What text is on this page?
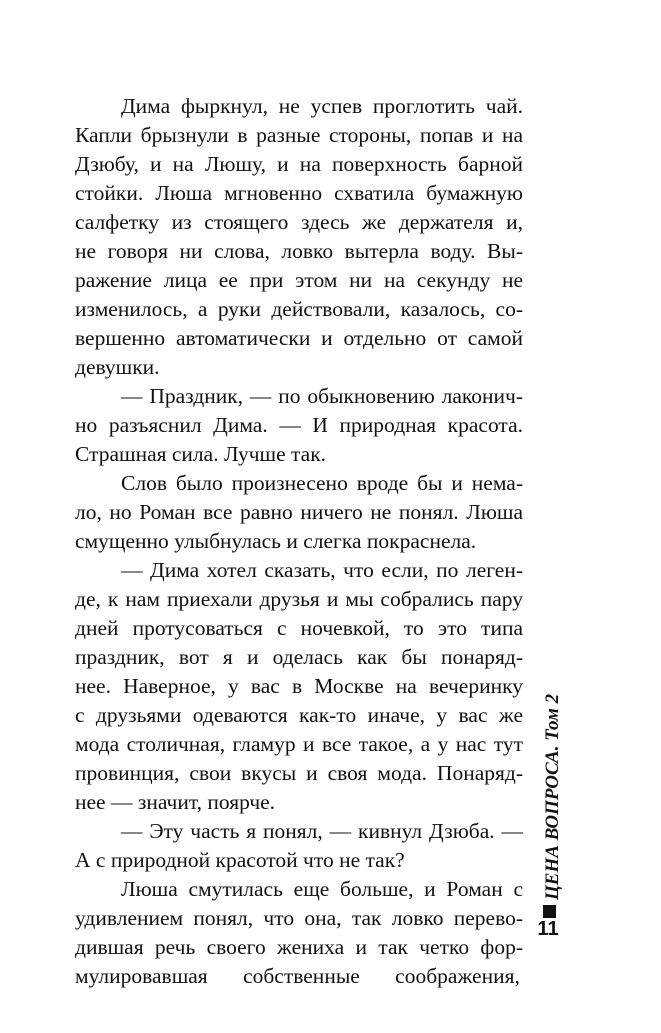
Дима фыркнул, не успев проглотить чай.
Капли брызнули в разные стороны, попав и на
Дзюбу, и на Люшу, и на поверхность барной
стойки. Люша мгновенно схватила бумажную
салфетку из стоящего здесь же держателя и,
не говоря ни слова, ловко вытерла воду. Вы-
ражение лица ее при этом ни на секунду не
изменилось, а руки действовали, казалось, со-
вершенно автоматически и отдельно от самой
девушки.
— Праздник, — по обыкновению лаконич-
но разъяснил Дима. — И природная красота.
Страшная сила. Лучше так.
Слов было произнесено вроде бы и нема-
ло, но Роман все равно ничего не понял. Люша
смущенно улыбнулась и слегка покраснела.
— Дима хотел сказать, что если, по леген-
де, к нам приехали друзья и мы собрались пару
дней протусоваться с ночевкой, то это типа
праздник, вот я и оделась как бы понаряд-
нее. Наверное, у вас в Москве на вечеринку
с друзьями одеваются как-то иначе, у вас же
мода столичная, гламур и все такое, а у нас тут
провинция, свои вкусы и своя мода. Понаряд-
нее — значит, поярче.
— Эту часть я понял, — кивнул Дзюба. —
А с природной красотой что не так?
Люша смутилась еще больше, и Роман с
удивлением понял, что она, так ловко перево-
дившая речь своего жениха и так четко фор-
мулировавшая собственные соображения,
ЦЕНА ВОПРОСА. Том 2
11
